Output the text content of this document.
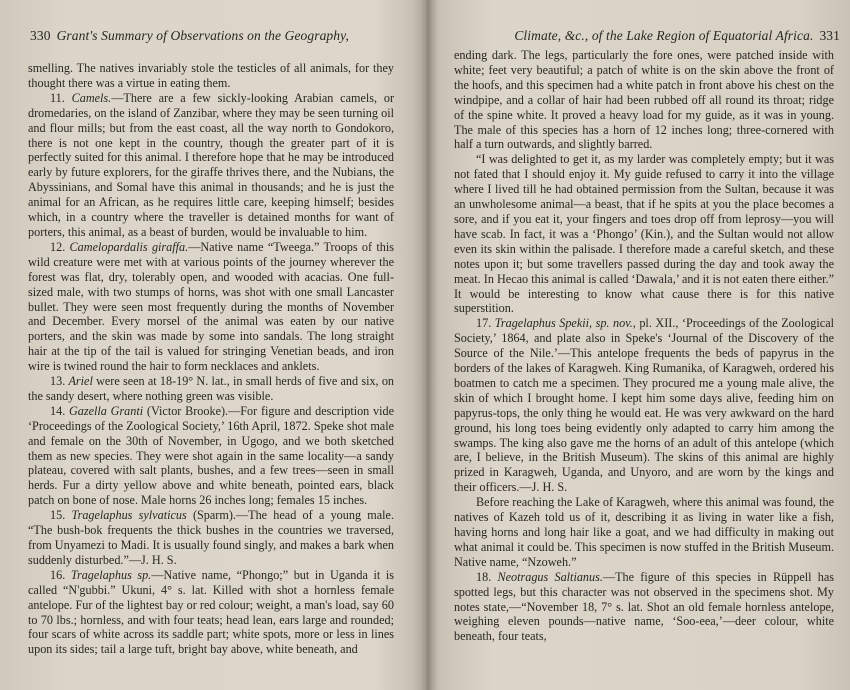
330 Grant's Summary of Observations on the Geography,

smelling. The natives invariably stole the testicles of all animals, for they thought there was a virtue in eating them.

11. Camels.—There are a few sickly-looking Arabian camels, or dromedaries, on the island of Zanzibar, where they may be seen turning oil and flour mills; but from the east coast, all the way north to Gondokoro, there is not one kept in the country, though the greater part of it is perfectly suited for this animal. I therefore hope that he may be introduced early by future explorers, for the giraffe thrives there, and the Nubians, the Abyssinians, and Somal have this animal in thousands; and he is just the animal for an African, as he requires little care, keeping himself; besides which, in a country where the traveller is detained months for want of porters, this animal, as a beast of burden, would be invaluable to him.

12. Camelopardalis giraffa.—Native name “Tweega.” Troops of this wild creature were met with at various points of the journey wherever the forest was flat, dry, tolerably open, and wooded with acacias. One full-sized male, with two stumps of horns, was shot with one small Lancaster bullet. They were seen most frequently during the months of November and December. Every morsel of the animal was eaten by our native porters, and the skin was made by some into sandals. The long straight hair at the tip of the tail is valued for stringing Venetian beads, and iron wire is twined round the hair to form necklaces and anklets.

13. Ariel were seen at 18-19° N. lat., in small herds of five and six, on the sandy desert, where nothing green was visible.

14. Gazella Granti (Victor Brooke).—For figure and description vide ‘Proceedings of the Zoological Society,’ 16th April, 1872. Speke shot male and female on the 30th of November, in Ugogo, and we both sketched them as new species. They were shot again in the same locality—a sandy plateau, covered with salt plants, bushes, and a few trees—seen in small herds. Fur a dirty yellow above and white beneath, pointed ears, black patch on bone of nose. Male horns 26 inches long; females 15 inches.

15. Tragelaphus sylvaticus (Sparm).—The head of a young male. “The bush-bok frequents the thick bushes in the countries we traversed, from Unyamezi to Madi. It is usually found singly, and makes a bark when suddenly disturbed.”—J. H. S.

16. Tragelaphus sp.—Native name, “Phongo;” but in Uganda it is called “N'gubbi.” Ukuni, 4° s. lat. Killed with shot a hornless female antelope. Fur of the lightest bay or red colour; weight, a man's load, say 60 to 70 lbs.; hornless, and with four teats; head lean, ears large and rounded; four scars of white across its saddle part; white spots, more or less in lines upon its sides; tail a large tuft, bright bay above, white beneath, and

Climate, &c., of the Lake Region of Equatorial Africa. 331

ending dark. The legs, particularly the fore ones, were patched inside with white; feet very beautiful; a patch of white is on the skin above the front of the hoofs, and this specimen had a white patch in front above his chest on the windpipe, and a collar of hair had been rubbed off all round its throat; ridge of the spine white. It proved a heavy load for my guide, as it was in young. The male of this species has a horn of 12 inches long; three-cornered with half a turn outwards, and slightly barred.

“I was delighted to get it, as my larder was completely empty; but it was not fated that I should enjoy it. My guide refused to carry it into the village where I lived till he had obtained permission from the Sultan, because it was an unwholesome animal—a beast, that if he spits at you the place becomes a sore, and if you eat it, your fingers and toes drop off from leprosy—you will have scab. In fact, it was a ‘Phongo’ (Kin.), and the Sultan would not allow even its skin within the palisade. I therefore made a careful sketch, and these notes upon it; but some travellers passed during the day and took away the meat. In Hecao this animal is called ‘Dawala,’ and it is not eaten there either.” It would be interesting to know what cause there is for this native superstition.

17. Tragelaphus Spekii, sp. nov., pl. XII., ‘Proceedings of the Zoological Society,’ 1864, and plate also in Speke's ‘Journal of the Discovery of the Source of the Nile.’—This antelope frequents the beds of papyrus in the borders of the lakes of Karagweh. King Rumanika, of Karagweh, ordered his boatmen to catch me a specimen. They procured me a young male alive, the skin of which I brought home. I kept him some days alive, feeding him on papyrus-tops, the only thing he would eat. He was very awkward on the hard ground, his long toes being evidently only adapted to carry him among the swamps. The king also gave me the horns of an adult of this antelope (which are, I believe, in the British Museum). The skins of this animal are highly prized in Karagweh, Uganda, and Unyoro, and are worn by the kings and their officers.—J. H. S.

Before reaching the Lake of Karagweh, where this animal was found, the natives of Kazeh told us of it, describing it as living in water like a fish, having horns and long hair like a goat, and we had difficulty in making out what animal it could be. This specimen is now stuffed in the British Museum. Native name, “Nzoweh.”

18. Neotragus Saltianus.—The figure of this species in Rüppell has spotted legs, but this character was not observed in the specimens shot. My notes state,—“November 18, 7° s. lat. Shot an old female hornless antelope, weighing eleven pounds—native name, ‘Soo-eea,’—deer colour, white beneath, four teats,
